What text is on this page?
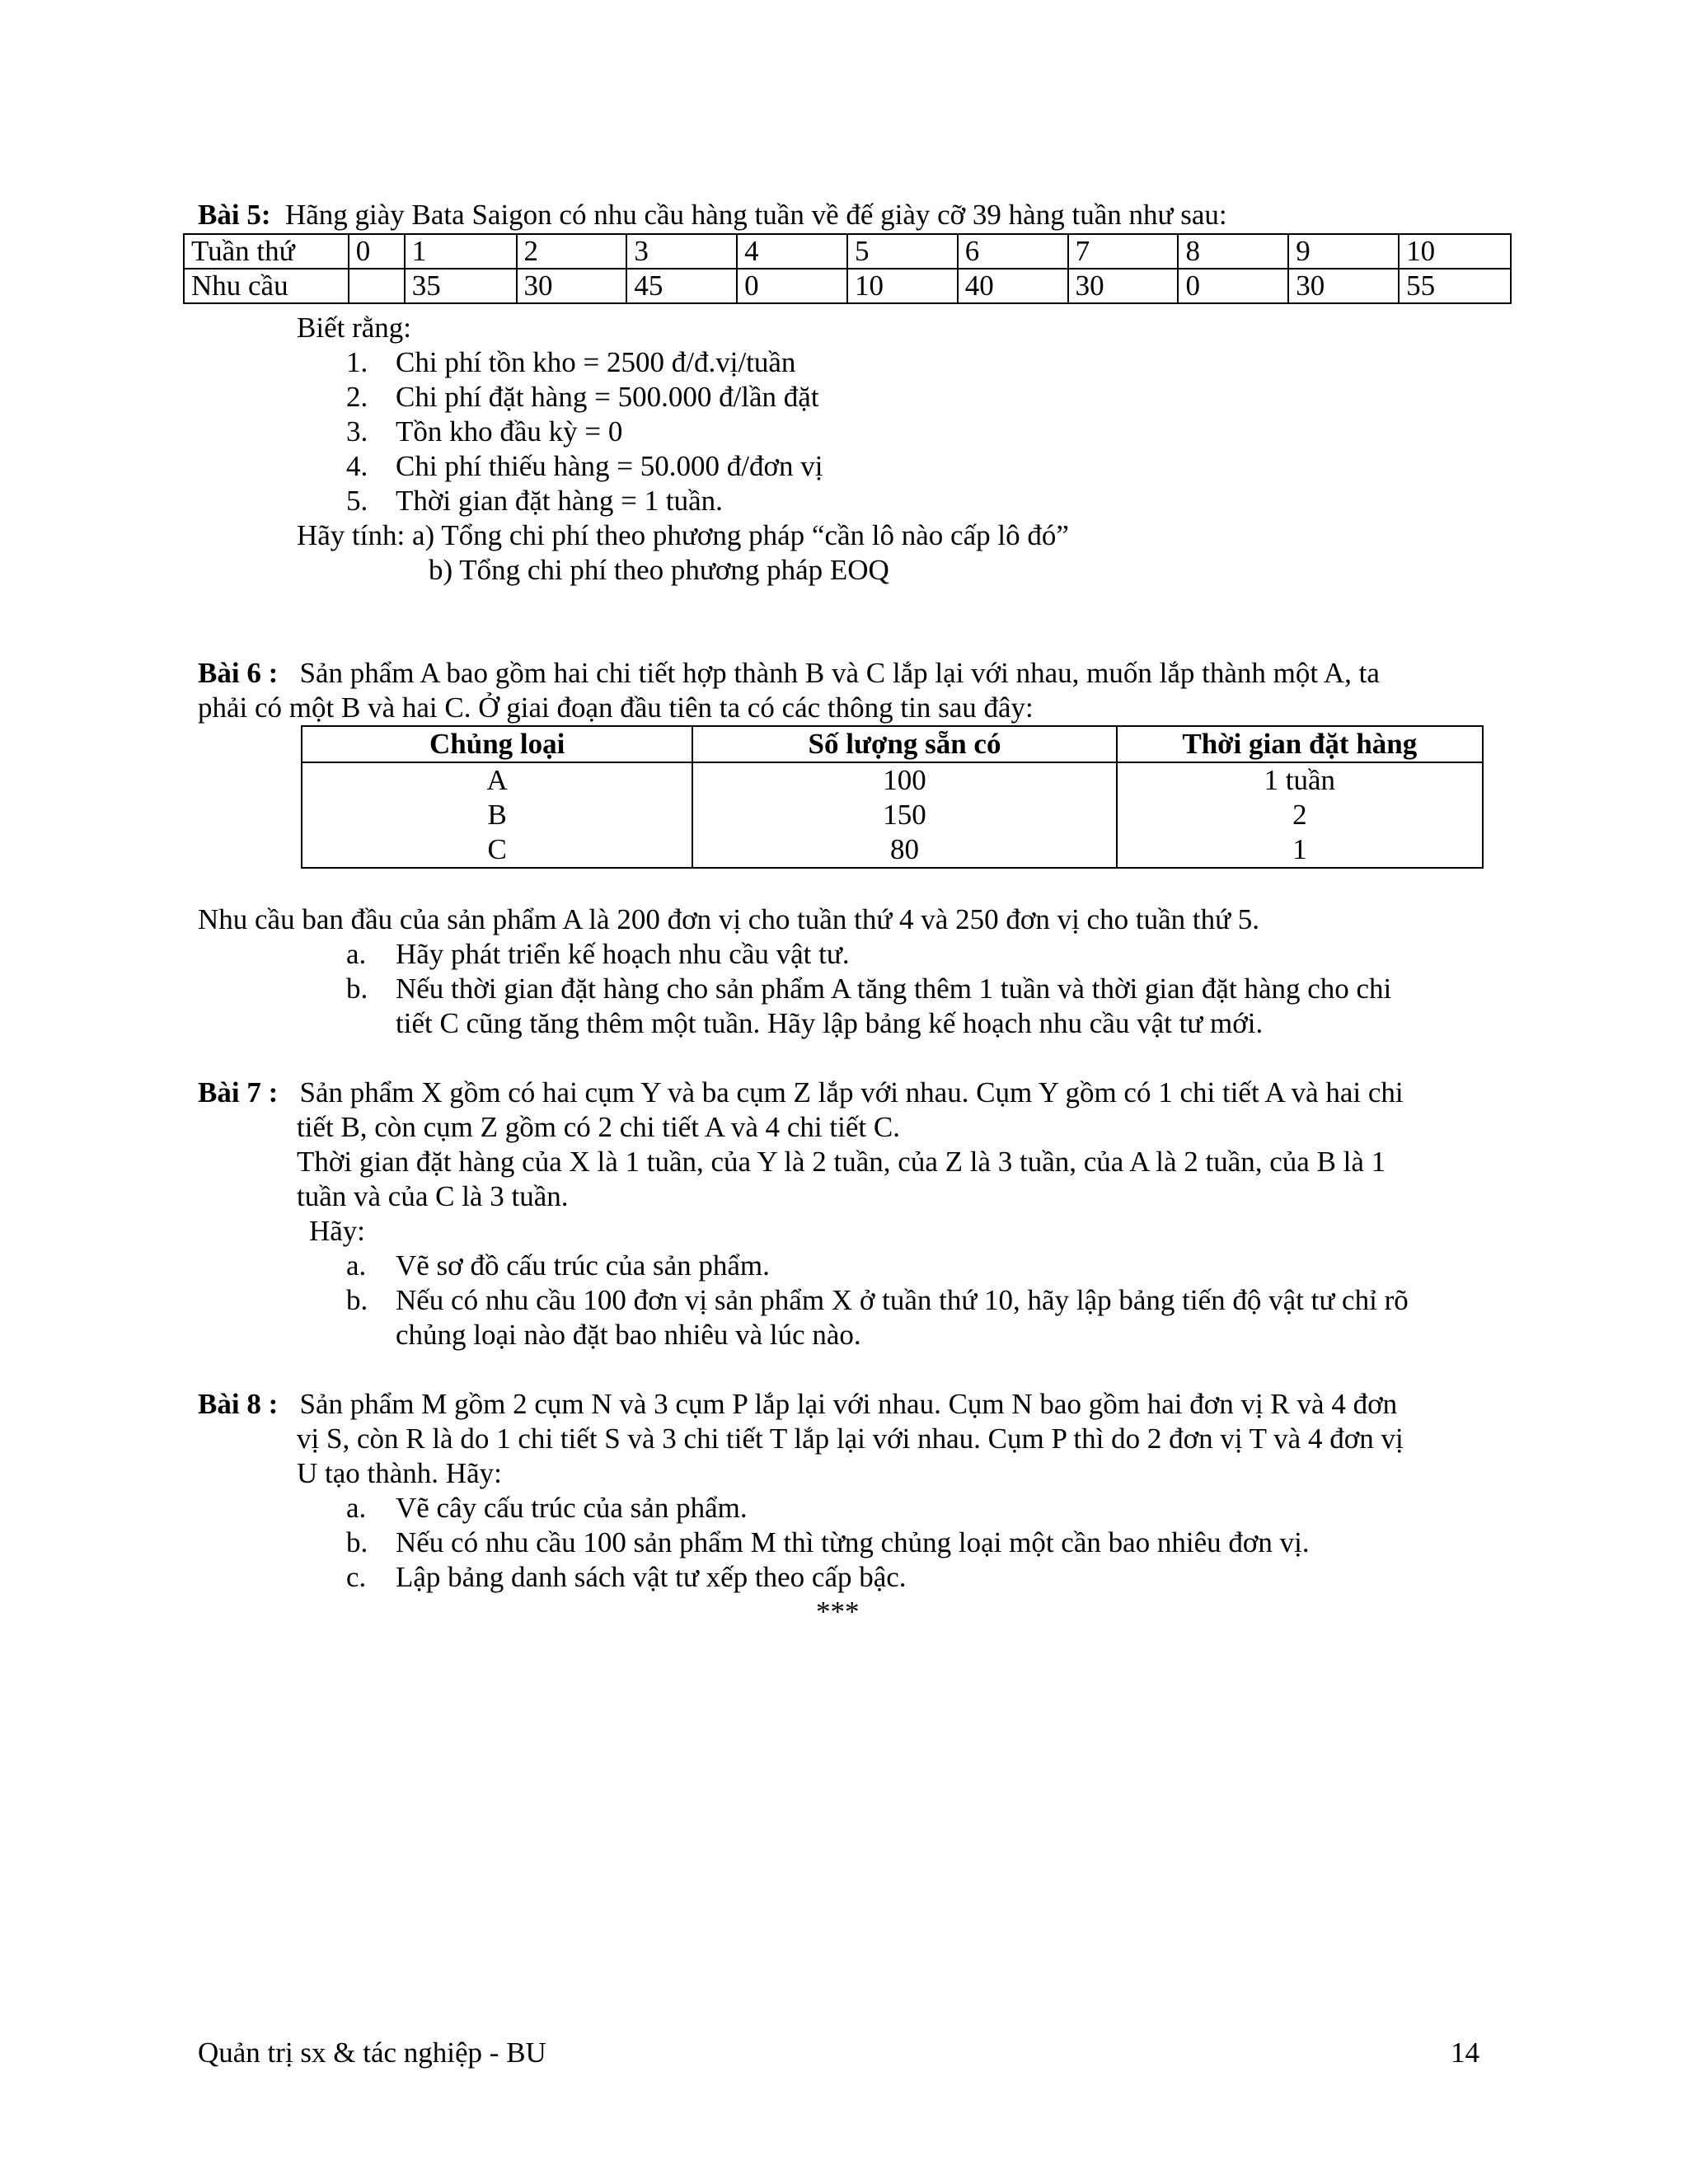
Bài 5: Hãng giày Bata Saigon có nhu cầu hàng tuần về đế giày cỡ 39 hàng tuần như sau:
Tuần thứ	0	1	2	3	4	5	6	7	8	9	10
Nhu cầu		35	30	45	0	10	40	30	0	30	55
Biết rằng:
1. Chi phí tồn kho = 2500 đ/đ.vị/tuần
2. Chi phí đặt hàng = 500.000 đ/lần đặt
3. Tồn kho đầu kỳ = 0
4. Chi phí thiếu hàng = 50.000 đ/đơn vị
5. Thời gian đặt hàng = 1 tuần.
Hãy tính: a) Tổng chi phí theo phương pháp “cần lô nào cấp lô đó”
b) Tổng chi phí theo phương pháp EOQ
Bài 6 : Sản phẩm A bao gồm hai chi tiết hợp thành B và C lắp lại với nhau, muốn lắp thành một A, ta
phải có một B và hai C. Ở giai đoạn đầu tiên ta có các thông tin sau đây:
Chủng loại	Số lượng sẵn có	Thời gian đặt hàng
A	100	1 tuần
B	150	2
C	80	1
Nhu cầu ban đầu của sản phẩm A là 200 đơn vị cho tuần thứ 4 và 250 đơn vị cho tuần thứ 5.
a. Hãy phát triển kế hoạch nhu cầu vật tư.
b. Nếu thời gian đặt hàng cho sản phẩm A tăng thêm 1 tuần và thời gian đặt hàng cho chi
tiết C cũng tăng thêm một tuần. Hãy lập bảng kế hoạch nhu cầu vật tư mới.
Bài 7 : Sản phẩm X gồm có hai cụm Y và ba cụm Z lắp với nhau. Cụm Y gồm có 1 chi tiết A và hai chi
tiết B, còn cụm Z gồm có 2 chi tiết A và 4 chi tiết C.
Thời gian đặt hàng của X là 1 tuần, của Y là 2 tuần, của Z là 3 tuần, của A là 2 tuần, của B là 1
tuần và của C là 3 tuần.
Hãy:
a. Vẽ sơ đồ cấu trúc của sản phẩm.
b. Nếu có nhu cầu 100 đơn vị sản phẩm X ở tuần thứ 10, hãy lập bảng tiến độ vật tư chỉ rõ
chủng loại nào đặt bao nhiêu và lúc nào.
Bài 8 : Sản phẩm M gồm 2 cụm N và 3 cụm P lắp lại với nhau. Cụm N bao gồm hai đơn vị R và 4 đơn
vị S, còn R là do 1 chi tiết S và 3 chi tiết T lắp lại với nhau. Cụm P thì do 2 đơn vị T và 4 đơn vị
U tạo thành. Hãy:
a. Vẽ cây cấu trúc của sản phẩm.
b. Nếu có nhu cầu 100 sản phẩm M thì từng chủng loại một cần bao nhiêu đơn vị.
c. Lập bảng danh sách vật tư xếp theo cấp bậc.
***
Quản trị sx & tác nghiệp - BU	14
